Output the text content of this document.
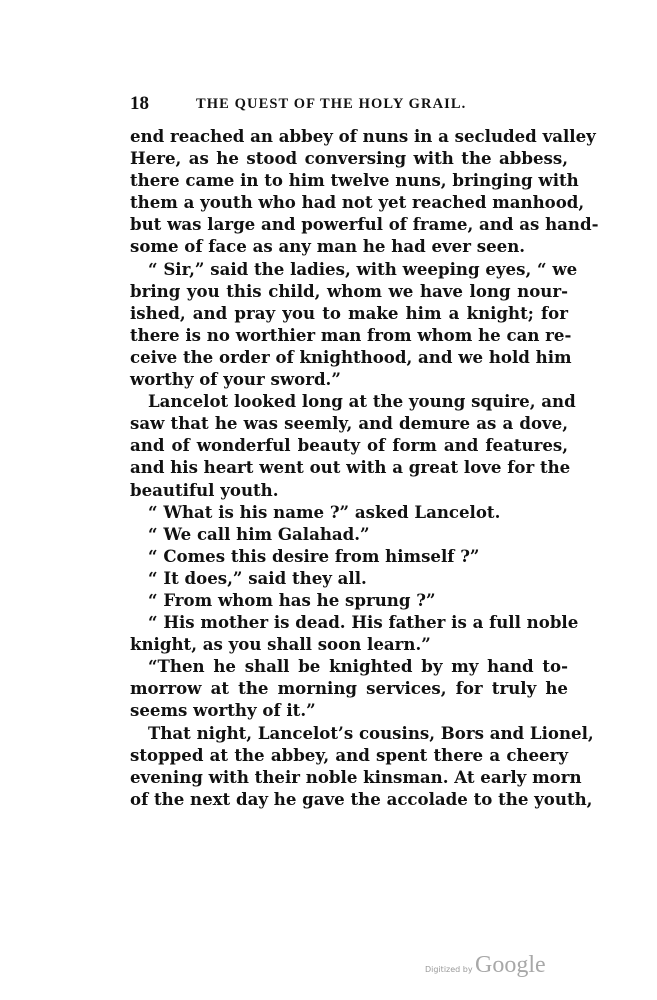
18	THE QUEST OF THE HOLY GRAIL.
end reached an abbey of nuns in a secluded valley
Here, as he stood conversing with the abbess,
there came in to him twelve nuns, bringing with
them a youth who had not yet reached manhood,
but was large and powerful of frame, and as hand-
some of face as any man he had ever seen.
“ Sir,” said the ladies, with weeping eyes, “ we
bring you this child, whom we have long nour-
ished, and pray you to make him a knight; for
there is no worthier man from whom he can re-
ceive the order of knighthood, and we hold him
worthy of your sword.”
Lancelot looked long at the young squire, and
saw that he was seemly, and demure as a dove,
and of wonderful beauty of form and features,
and his heart went out with a great love for the
beautiful youth.
“ What is his name ?” asked Lancelot.
“ We call him Galahad.”
“ Comes this desire from himself ?”
“ It does,” said they all.
“ From whom has he sprung ?”
“ His mother is dead. His father is a full noble
knight, as you shall soon learn.”
“Then he shall be knighted by my hand to-
morrow at the morning services, for truly he
seems worthy of it.”
That night, Lancelot’s cousins, Bors and Lionel,
stopped at the abbey, and spent there a cheery
evening with their noble kinsman. At early morn
of the next day he gave the accolade to the youth,
Digitized by Google
